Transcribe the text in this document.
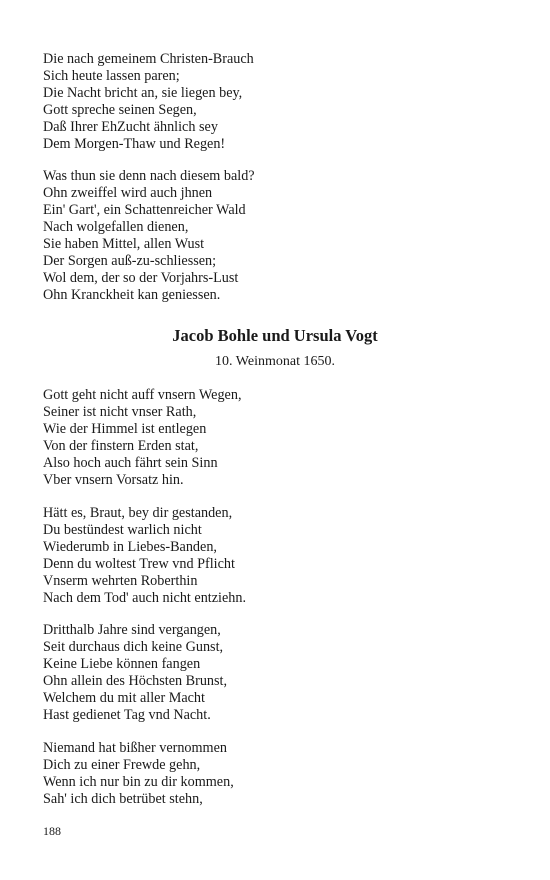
Die nach gemeinem Christen-Brauch
Sich heute lassen paren;
Die Nacht bricht an, sie liegen bey,
Gott spreche seinen Segen,
Daß Ihrer EhZucht ähnlich sey
Dem Morgen-Thaw und Regen!
Was thun sie denn nach diesem bald?
Ohn zweiffel wird auch jhnen
Ein' Gart', ein Schattenreicher Wald
Nach wolgefallen dienen,
Sie haben Mittel, allen Wust
Der Sorgen auß-zu-schliessen;
Wol dem, der so der Vorjahrs-Lust
Ohn Kranckheit kan geniessen.
Jacob Bohle und Ursula Vogt
10. Weinmonat 1650.
Gott geht nicht auff vnsern Wegen,
Seiner ist nicht vnser Rath,
Wie der Himmel ist entlegen
Von der finstern Erden stat,
Also hoch auch fährt sein Sinn
Vber vnsern Vorsatz hin.
Hätt es, Braut, bey dir gestanden,
Du bestündest warlich nicht
Wiederumb in Liebes-Banden,
Denn du woltest Trew vnd Pflicht
Vnserm wehrten Roberthin
Nach dem Tod' auch nicht entziehn.
Dritthalb Jahre sind vergangen,
Seit durchaus dich keine Gunst,
Keine Liebe können fangen
Ohn allein des Höchsten Brunst,
Welchem du mit aller Macht
Hast gedienet Tag vnd Nacht.
Niemand hat bißher vernommen
Dich zu einer Frewde gehn,
Wenn ich nur bin zu dir kommen,
Sah' ich dich betrübet stehn,
188
